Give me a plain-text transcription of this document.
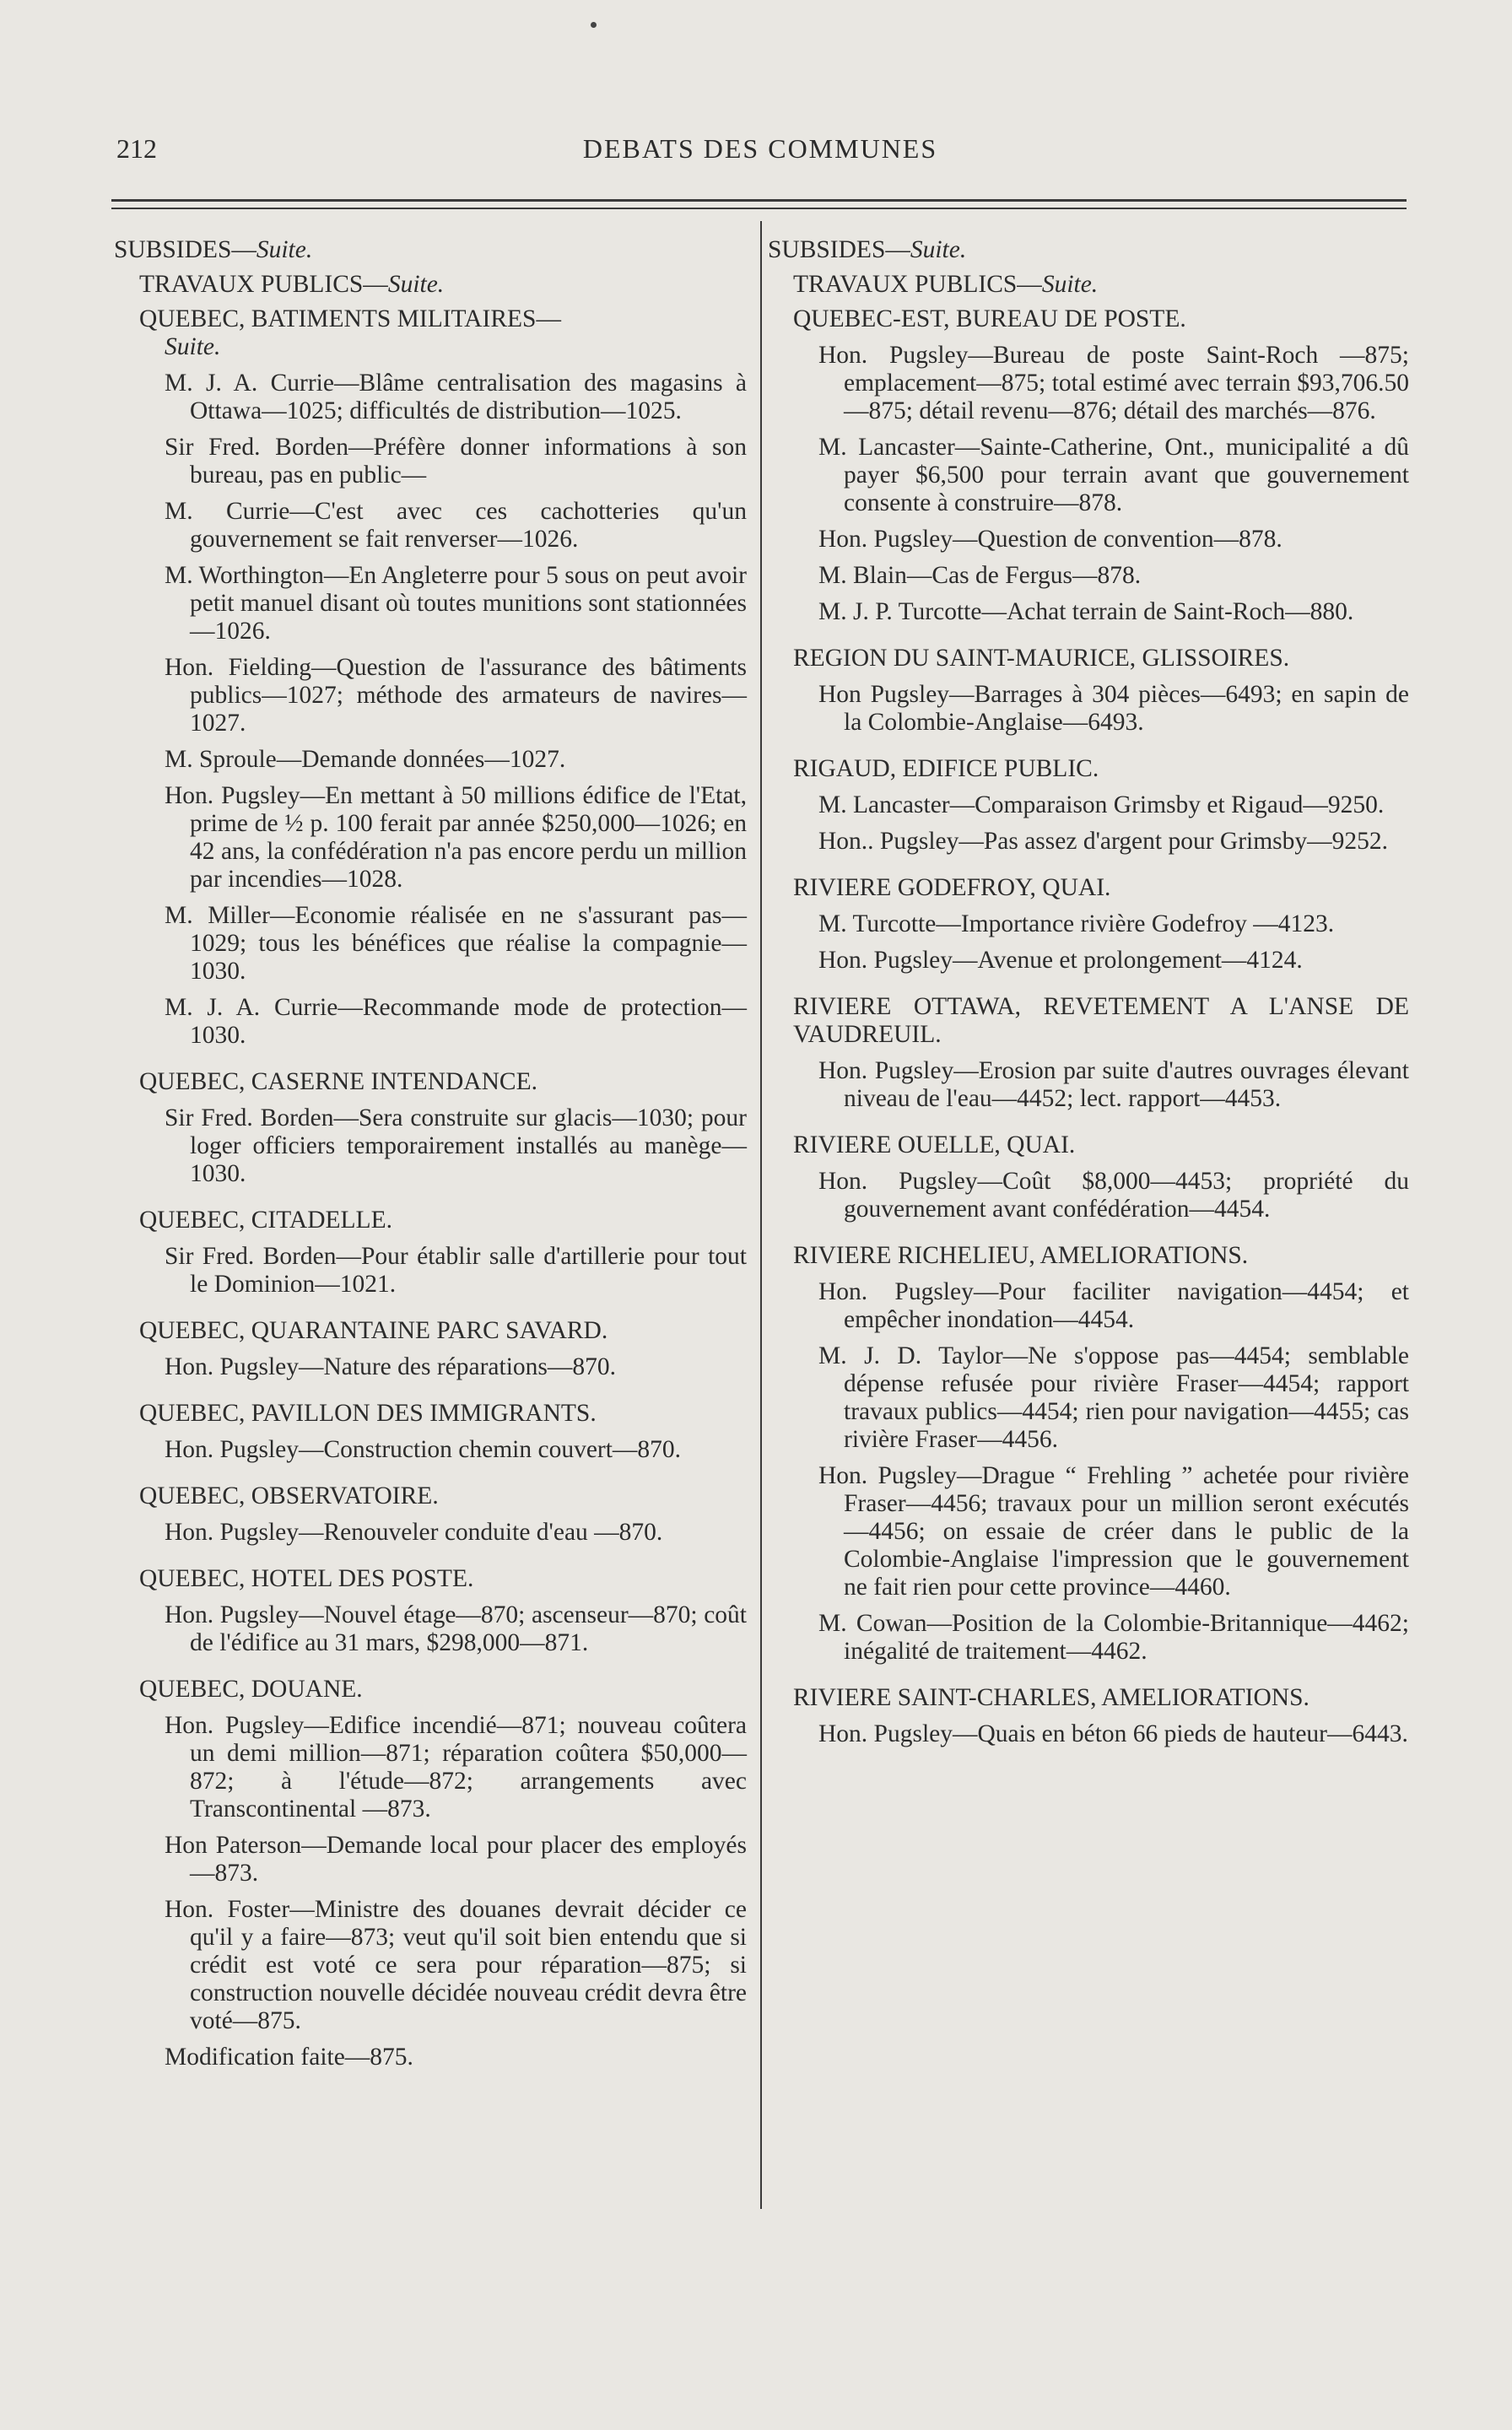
212	DEBATS DES COMMUNES
SUBSIDES—Suite.
TRAVAUX PUBLICS—Suite.
QUEBEC, BATIMENTS MILITAIRES—
Suite.

M. J. A. Currie—Blâme centralisation des magasins à Ottawa—1025; difficultés de distribution—1025.

Sir Fred. Borden—Préfère donner informations à son bureau, pas en public—

M. Currie—C'est avec ces cachotteries qu'un gouvernement se fait renverser—1026.

M. Worthington—En Angleterre pour 5 sous on peut avoir petit manuel disant où toutes munitions sont stationnées—1026.

Hon. Fielding—Question de l'assurance des bâtiments publics—1027; méthode des armateurs de navires—1027.

M. Sproule—Demande données—1027.

Hon. Pugsley—En mettant à 50 millions édifice de l'Etat, prime de ½ p. 100 ferait par année $250,000—1026; en 42 ans, la confédération n'a pas encore perdu un million par incendies—1028.

M. Miller—Economie réalisée en ne s'assurant pas—1029; tous les bénéfices que réalise la compagnie—1030.

M. J. A. Currie—Recommande mode de protection—1030.

QUEBEC, CASERNE INTENDANCE.

Sir Fred. Borden—Sera construite sur glacis—1030; pour loger officiers temporairement installés au manège—1030.

QUEBEC, CITADELLE.

Sir Fred. Borden—Pour établir salle d'artillerie pour tout le Dominion—1021.

QUEBEC, QUARANTAINE PARC SAVARD.

Hon. Pugsley—Nature des réparations—870.

QUEBEC, PAVILLON DES IMMIGRANTS.

Hon. Pugsley—Construction chemin couvert—870.

QUEBEC, OBSERVATOIRE.

Hon. Pugsley—Renouveler conduite d'eau —870.

QUEBEC, HOTEL DES POSTE.

Hon. Pugsley—Nouvel étage—870; ascenseur—870; coût de l'édifice au 31 mars, $298,000—871.

QUEBEC, DOUANE.

Hon. Pugsley—Edifice incendié—871; nouveau coûtera un demi million—871; réparation coûtera $50,000—872; à l'étude—872; arrangements avec Transcontinental —873.

Hon Paterson—Demande local pour placer des employés—873.

Hon. Foster—Ministre des douanes devrait décider ce qu'il y a faire—873; veut qu'il soit bien entendu que si crédit est voté ce sera pour réparation—875; si construction nouvelle décidée nouveau crédit devra être voté—875.

Modification faite—875.

SUBSIDES—Suite.
TRAVAUX PUBLICS—Suite.
QUEBEC-EST, BUREAU DE POSTE.

Hon. Pugsley—Bureau de poste Saint-Roch —875; emplacement—875; total estimé avec terrain $93,706.50—875; détail revenu—876; détail des marchés—876.

M. Lancaster—Sainte-Catherine, Ont., municipalité a dû payer $6,500 pour terrain avant que gouvernement consente à construire—878.

Hon. Pugsley—Question de convention—878.

M. Blain—Cas de Fergus—878.

M. J. P. Turcotte—Achat terrain de Saint-Roch—880.

REGION DU SAINT-MAURICE, GLISSOIRES.

Hon Pugsley—Barrages à 304 pièces—6493; en sapin de la Colombie-Anglaise—6493.

RIGAUD, EDIFICE PUBLIC.

M. Lancaster—Comparaison Grimsby et Rigaud—9250.

Hon.. Pugsley—Pas assez d'argent pour Grimsby—9252.

RIVIERE GODEFROY, QUAI.

M. Turcotte—Importance rivière Godefroy —4123.

Hon. Pugsley—Avenue et prolongement—4124.

RIVIERE OTTAWA, REVETEMENT A L'ANSE DE VAUDREUIL.

Hon. Pugsley—Erosion par suite d'autres ouvrages élevant niveau de l'eau—4452; lect. rapport—4453.

RIVIERE OUELLE, QUAI.

Hon. Pugsley—Coût $8,000—4453; propriété du gouvernement avant confédération—4454.

RIVIERE RICHELIEU, AMELIORATIONS.

Hon. Pugsley—Pour faciliter navigation—4454; et empêcher inondation—4454.

M. J. D. Taylor—Ne s'oppose pas—4454; semblable dépense refusée pour rivière Fraser—4454; rapport travaux publics—4454; rien pour navigation—4455; cas rivière Fraser—4456.

Hon. Pugsley—Drague “ Frehling ” achetée pour rivière Fraser—4456; travaux pour un million seront exécutés—4456; on essaie de créer dans le public de la Colombie-Anglaise l'impression que le gouvernement ne fait rien pour cette province—4460.

M. Cowan—Position de la Colombie-Britannique—4462; inégalité de traitement—4462.

RIVIERE SAINT-CHARLES, AMELIORATIONS.

Hon. Pugsley—Quais en béton 66 pieds de hauteur—6443.
